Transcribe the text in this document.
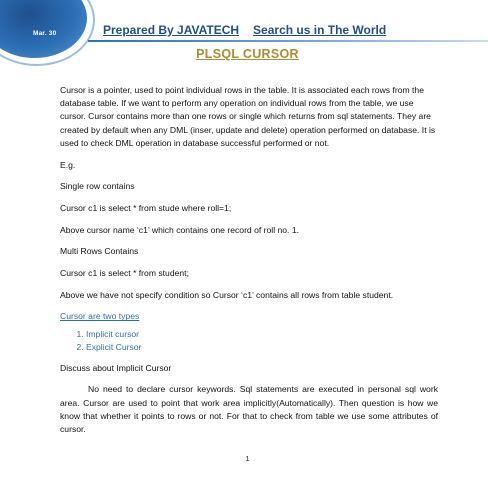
Mar. 30	Prepared By JAVATECH Search us in The World
PLSQL CURSOR

Cursor is a pointer, used to point individual rows in the table. It is associated each rows from the database table. If we want to perform any operation on individual rows from the table, we use cursor. Cursor contains more than one rows or single which returns from sql statements. They are created by default when any DML (inser, update and delete) operation performed on database. It is used to check DML operation in database successful performed or not.

E.g.

Single row contains

Cursor c1 is select * from stude where roll=1;

Above cursor name ‘c1’ which contains one record of roll no. 1.

Multi Rows Contains

Cursor c1 is select * from student;

Above we have not specify condition so Cursor ‘c1’ contains all rows from table student.

Cursor are two types

1. Implicit cursor
2. Explicit Cursor

Discuss about Implicit Cursor

No need to declare cursor keywords. Sql statements are executed in personal sql work area. Cursor are used to point that work area implicitly(Automatically). Then question is how we know that whether it points to rows or not. For that to check from table we use some attributes of cursor.

1
